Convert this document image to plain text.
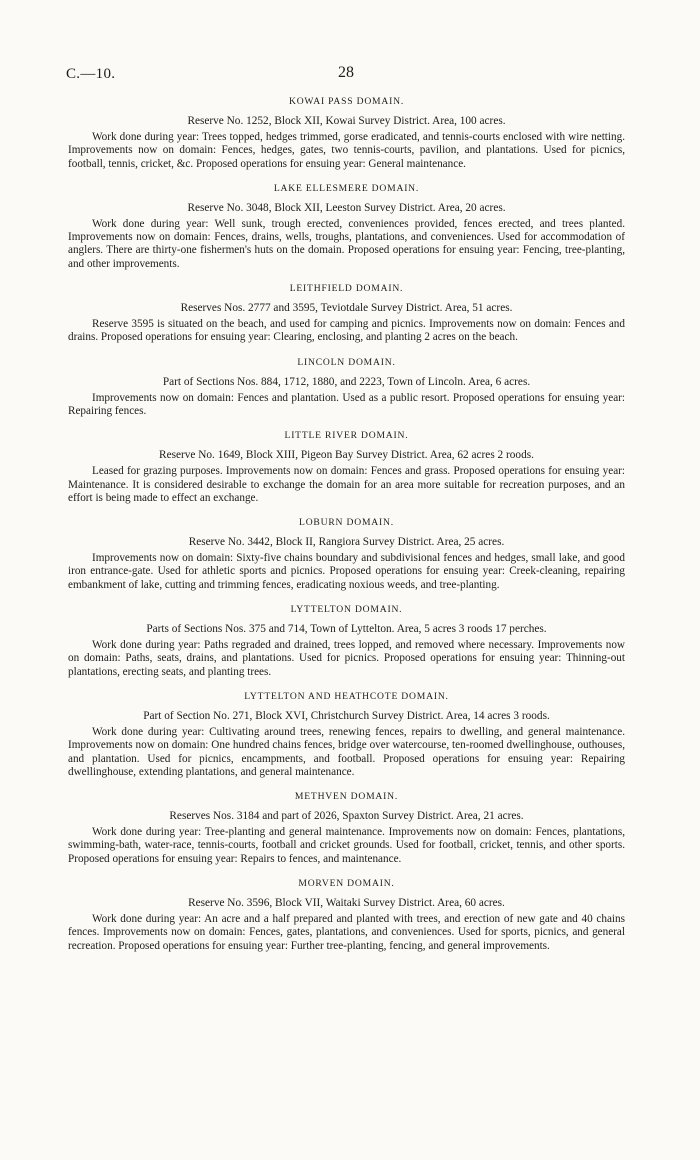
C.—10.	28
KOWAI PASS DOMAIN.
Reserve No. 1252, Block XII, Kowai Survey District. Area, 100 acres.

Work done during year: Trees topped, hedges trimmed, gorse eradicated, and tennis-courts enclosed with wire netting. Improvements now on domain: Fences, hedges, gates, two tennis-courts, pavilion, and plantations. Used for picnics, football, tennis, cricket, &c. Proposed operations for ensuing year: General maintenance.

LAKE ELLESMERE DOMAIN.
Reserve No. 3048, Block XII, Leeston Survey District. Area, 20 acres.

Work done during year: Well sunk, trough erected, conveniences provided, fences erected, and trees planted. Improvements now on domain: Fences, drains, wells, troughs, plantations, and conveniences. Used for accommodation of anglers. There are thirty-one fishermen's huts on the domain. Proposed operations for ensuing year: Fencing, tree-planting, and other improvements.

LEITHFIELD DOMAIN.
Reserves Nos. 2777 and 3595, Teviotdale Survey District. Area, 51 acres.

Reserve 3595 is situated on the beach, and used for camping and picnics. Improvements now on domain: Fences and drains. Proposed operations for ensuing year: Clearing, enclosing, and planting 2 acres on the beach.

LINCOLN DOMAIN.
Part of Sections Nos. 884, 1712, 1880, and 2223, Town of Lincoln. Area, 6 acres.

Improvements now on domain: Fences and plantation. Used as a public resort. Proposed operations for ensuing year: Repairing fences.

LITTLE RIVER DOMAIN.
Reserve No. 1649, Block XIII, Pigeon Bay Survey District. Area, 62 acres 2 roods.

Leased for grazing purposes. Improvements now on domain: Fences and grass. Proposed operations for ensuing year: Maintenance. It is considered desirable to exchange the domain for an area more suitable for recreation purposes, and an effort is being made to effect an exchange.

LOBURN DOMAIN.
Reserve No. 3442, Block II, Rangiora Survey District. Area, 25 acres.

Improvements now on domain: Sixty-five chains boundary and subdivisional fences and hedges, small lake, and good iron entrance-gate. Used for athletic sports and picnics. Proposed operations for ensuing year: Creek-cleaning, repairing embankment of lake, cutting and trimming fences, eradicating noxious weeds, and tree-planting.

LYTTELTON DOMAIN.
Parts of Sections Nos. 375 and 714, Town of Lyttelton. Area, 5 acres 3 roods 17 perches.

Work done during year: Paths regraded and drained, trees lopped, and removed where necessary. Improvements now on domain: Paths, seats, drains, and plantations. Used for picnics. Proposed operations for ensuing year: Thinning-out plantations, erecting seats, and planting trees.

LYTTELTON AND HEATHCOTE DOMAIN.
Part of Section No. 271, Block XVI, Christchurch Survey District. Area, 14 acres 3 roods.

Work done during year: Cultivating around trees, renewing fences, repairs to dwelling, and general maintenance. Improvements now on domain: One hundred chains fences, bridge over watercourse, ten-roomed dwellinghouse, outhouses, and plantation. Used for picnics, encampments, and football. Proposed operations for ensuing year: Repairing dwellinghouse, extending plantations, and general maintenance.

METHVEN DOMAIN.
Reserves Nos. 3184 and part of 2026, Spaxton Survey District. Area, 21 acres.

Work done during year: Tree-planting and general maintenance. Improvements now on domain: Fences, plantations, swimming-bath, water-race, tennis-courts, football and cricket grounds. Used for football, cricket, tennis, and other sports. Proposed operations for ensuing year: Repairs to fences, and maintenance.

MORVEN DOMAIN.
Reserve No. 3596, Block VII, Waitaki Survey District. Area, 60 acres.

Work done during year: An acre and a half prepared and planted with trees, and erection of new gate and 40 chains fences. Improvements now on domain: Fences, gates, plantations, and conveniences. Used for sports, picnics, and general recreation. Proposed operations for ensuing year: Further tree-planting, fencing, and general improvements.
